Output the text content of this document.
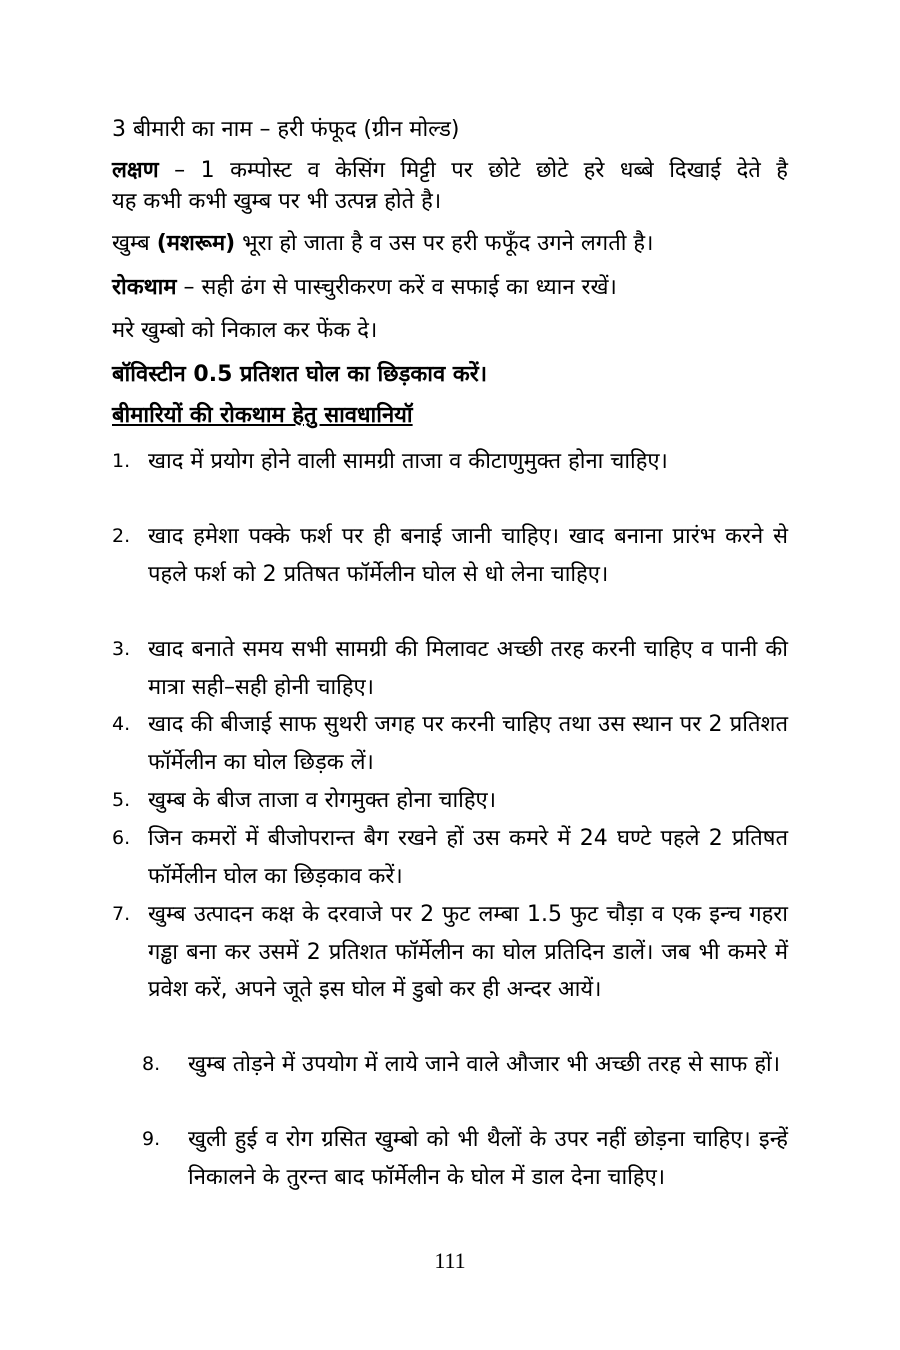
3 बीमारी का नाम – हरी फंफूद (ग्रीन मोल्ड)
लक्षण – 1 कम्पोस्ट व केसिंग मिट्टी पर छोटे छोटे हरे धब्बे दिखाई देते है
यह कभी कभी खुम्ब पर भी उत्पन्न होते है।
खुम्ब (मशरूम) भूरा हो जाता है व उस पर हरी फफूँद उगने लगती है।
रोकथाम – सही ढंग से पास्चुरीकरण करें व सफाई का ध्यान रखें।
मरे खुम्बो को निकाल कर फेंक दे।
बॉविस्टीन 0.5 प्रतिशत घोल का छिड़काव करें।
बीमारियों की रोकथाम हेतु सावधानियॉ
1. खाद में प्रयोग होने वाली सामग्री ताजा व कीटाणुमुक्त होना चाहिए।
2. खाद हमेशा पक्के फर्श पर ही बनाई जानी चाहिए। खाद बनाना प्रारंभ करने से पहले फर्श को 2 प्रतिषत फॉर्मेलीन घोल से धो लेना चाहिए।
3. खाद बनाते समय सभी सामग्री की मिलावट अच्छी तरह करनी चाहिए व पानी की मात्रा सही–सही होनी चाहिए।
4. खाद की बीजाई साफ सुथरी जगह पर करनी चाहिए तथा उस स्थान पर 2 प्रतिशत फॉर्मेलीन का घोल छिड़क लें।
5. खुम्ब के बीज ताजा व रोगमुक्त होना चाहिए।
6. जिन कमरों में बीजोपरान्त बैग रखने हों उस कमरे में 24 घण्टे पहले 2 प्रतिषत फॉर्मेलीन घोल का छिड़काव करें।
7. खुम्ब उत्पादन कक्ष के दरवाजे पर 2 फुट लम्बा 1.5 फुट चौड़ा व एक इन्च गहरा गड्ढा बना कर उसमें 2 प्रतिशत फॉर्मेलीन का घोल प्रतिदिन डालें। जब भी कमरे में प्रवेश करें, अपने जूते इस घोल में डुबो कर ही अन्दर आयें।
8. खुम्ब तोड़ने में उपयोग में लाये जाने वाले औजार भी अच्छी तरह से साफ हों।
9. खुली हुई व रोग ग्रसित खुम्बो को भी थैलों के उपर नहीं छोड़ना चाहिए। इन्हें निकालने के तुरन्त बाद फॉर्मेलीन के घोल में डाल देना चाहिए।
111
